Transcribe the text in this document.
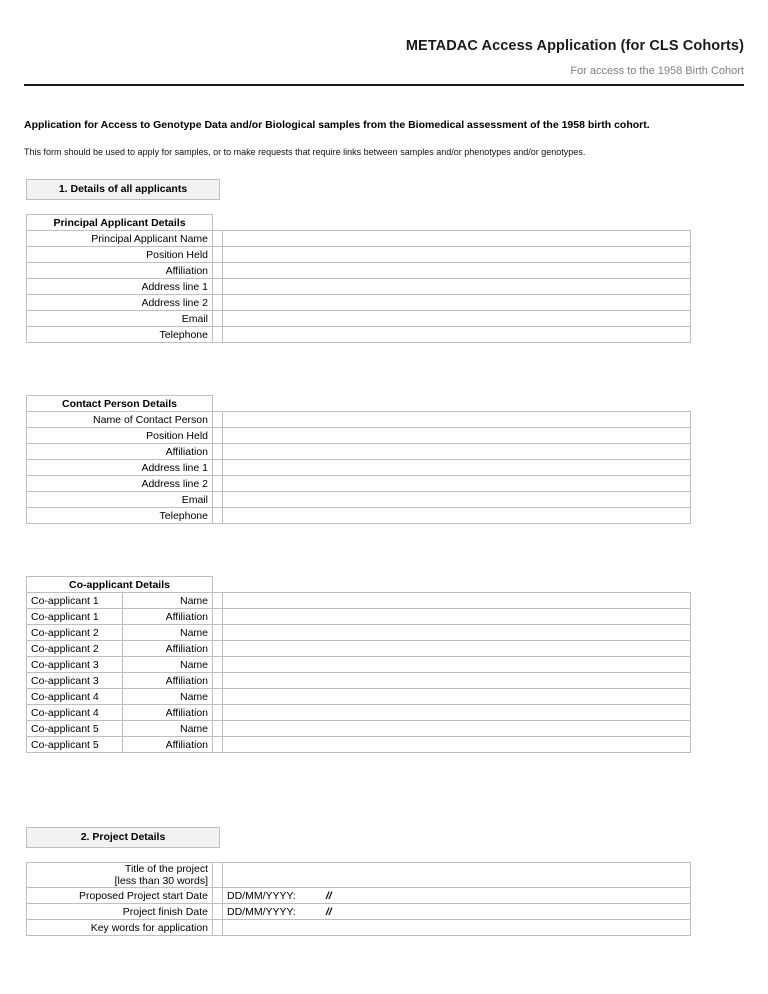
METADAC Access Application (for CLS Cohorts)
For access to the 1958 Birth Cohort
Application for Access to Genotype Data and/or Biological samples from the Biomedical assessment of the 1958 birth cohort.
This form should be used to apply for samples, or to make requests that require links between samples and/or phenotypes and/or genotypes.
1. Details of all applicants
Principal Applicant Details		
Principal Applicant Name		
Position Held		
Affiliation		
Address line 1		
Address line 2		
Email		
Telephone		
Contact Person Details		
Name of Contact Person		
Position Held		
Affiliation		
Address line 1		
Address line 2		
Email		
Telephone		
Co-applicant Details			
Co-applicant 1	Name		
Co-applicant 1	Affiliation		
Co-applicant 2	Name		
Co-applicant 2	Affiliation		
Co-applicant 3	Name		
Co-applicant 3	Affiliation		
Co-applicant 4	Name		
Co-applicant 4	Affiliation		
Co-applicant 5	Name		
Co-applicant 5	Affiliation		
2. Project Details
Title of the project
[less than 30 words]		

Proposed Project start Date		DD/MM/YYYY: //
Project finish Date		DD/MM/YYYY: //
Key words for application		
